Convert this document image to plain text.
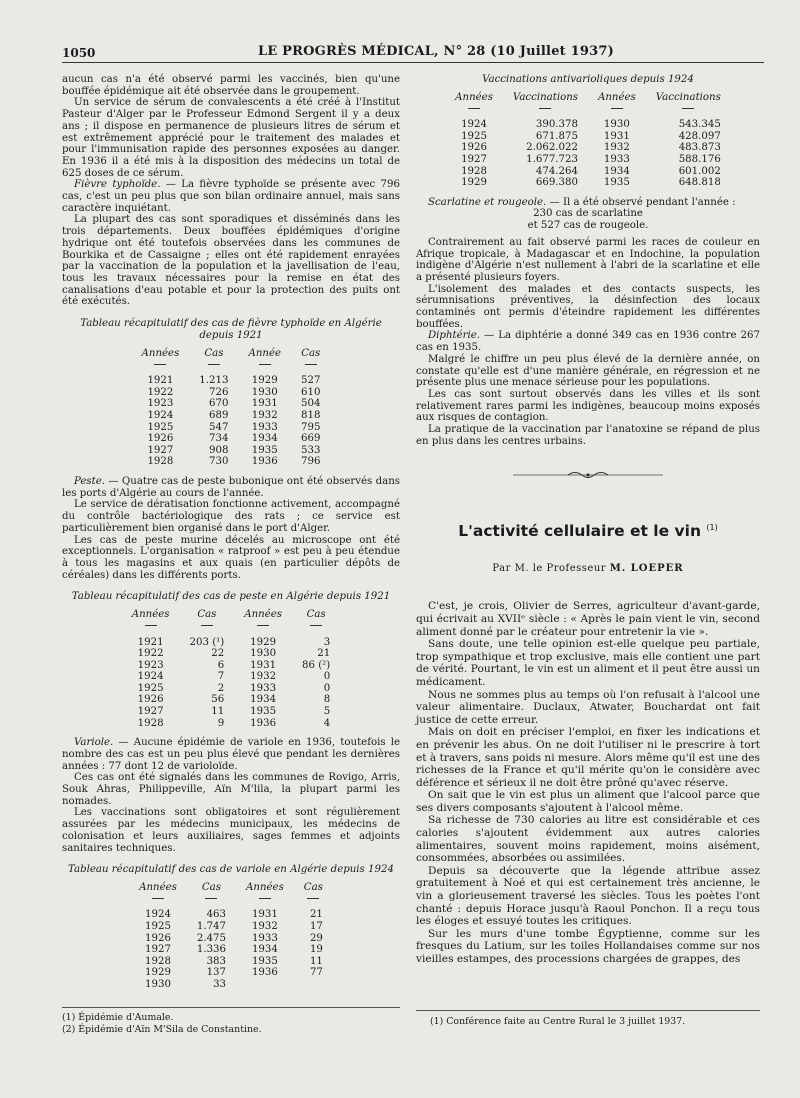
1050	LE PROGRÈS MÉDICAL, N° 28 (10 Juillet 1937)

aucun cas n'a été observé parmi les vaccinés, bien qu'une bouffée épidémique ait été observée dans le groupement.

Un service de sérum de convalescents a été créé à l'Institut Pasteur d'Alger par le Professeur Edmond Sergent il y a deux ans ; il dispose en permanence de plusieurs litres de sérum et est extrêmement apprécié pour le traitement des malades et pour l'immunisation rapide des personnes exposées au danger. En 1936 il a été mis à la disposition des médecins un total de 625 doses de ce sérum.

Fièvre typhoïde. — La fièvre typhoïde se présente avec 796 cas, c'est un peu plus que son bilan ordinaire annuel, mais sans caractère inquiétant.

La plupart des cas sont sporadiques et disséminés dans les trois départements. Deux bouffées épidémiques d'origine hydrique ont été toutefois observées dans les communes de Bourkika et de Cassaigne ; elles ont été rapidement enrayées par la vaccination de la population et la javellisation de l'eau, tous les travaux nécessaires pour la remise en état des canalisations d'eau potable et pour la protection des puits ont été exécutés.

Tableau récapitulatif des cas de fièvre typhoïde en Algérie depuis 1921
Années	Cas	Année	Cas

1921	1.213	1929	527
1922	726	1930	610
1923	670	1931	504
1924	689	1932	818
1925	547	1933	795
1926	734	1934	669
1927	908	1935	533
1928	730	1936	796

Peste. — Quatre cas de peste bubonique ont été observés dans les ports d'Algérie au cours de l'année.

Le service de dératisation fonctionne activement, accompagné du contrôle bactériologique des rats ; ce service est particulièrement bien organisé dans le port d'Alger.

Les cas de peste murine décelés au microscope ont été exceptionnels. L'organisation « ratproof » est peu à peu étendue à tous les magasins et aux quais (en particulier dépôts de céréales) dans les différents ports.

Tableau récapitulatif des cas de peste en Algérie depuis 1921
Années	Cas	Années	Cas

1921	203 (¹)	1929	3
1922	22	1930	21
1923	6	1931	86 (²)
1924	7	1932	0
1925	2	1933	0
1926	56	1934	8
1927	11	1935	5
1928	9	1936	4

Variole. — Aucune épidémie de variole en 1936, toutefois le nombre des cas est un peu plus élevé que pendant les dernières années : 77 dont 12 de varioloïde.

Ces cas ont été signalés dans les communes de Rovigo, Arris, Souk Ahras, Philippeville, Aïn M'lila, la plupart parmi les nomades.

Les vaccinations sont obligatoires et sont régulièrement assurées par les médecins municipaux, les médecins de colonisation et leurs auxiliaires, sages femmes et adjoints sanitaires techniques.

Tableau récapitulatif des cas de variole en Algérie depuis 1924
Années	Cas	Années	Cas

1924	463	1931	21
1925	1.747	1932	17
1926	2.475	1933	29
1927	1.336	1934	19
1928	383	1935	11
1929	137	1936	77
1930	33		
(1) Épidémie d'Aumale.
(2) Épidémie d'Aïn M'Sila de Constantine.
Vaccinations antivarioliques depuis 1924
Années	Vaccinations	Années	Vaccinations

1924	390.378	1930	543.345
1925	671.875	1931	428.097
1926	2.062.022	1932	483.873
1927	1.677.723	1933	588.176
1928	474.264	1934	601.002
1929	669.380	1935	648.818

Scarlatine et rougeole. — Il a été observé pendant l'année :

230 cas de scarlatine

et 527 cas de rougeole.

Contrairement au fait observé parmi les races de couleur en Afrique tropicale, à Madagascar et en Indochine, la population indigène d'Algérie n'est nullement à l'abri de la scarlatine et elle a présenté plusieurs foyers.

L'isolement des malades et des contacts suspects, les sérumnisations préventives, la désinfection des locaux contaminés ont permis d'éteindre rapidement les différentes bouffées.

Diphtérie. — La diphtérie a donné 349 cas en 1936 contre 267 cas en 1935.

Malgré le chiffre un peu plus élevé de la dernière année, on constate qu'elle est d'une manière générale, en régression et ne présente plus une menace sérieuse pour les populations.

Les cas sont surtout observés dans les villes et ils sont relativement rares parmi les indigènes, beaucoup moins exposés aux risques de contagion.

La pratique de la vaccination par l'anatoxine se répand de plus en plus dans les centres urbains.

L'activité cellulaire et le vin $^{(1)}$
Par M. le Professeur M. LOEPER

C'est, je crois, Olivier de Serres, agriculteur d'avant-garde, qui écrivait au XVIIᵉ siècle : « Après le pain vient le vin, second aliment donné par le créateur pour entretenir la vie ».

Sans doute, une telle opinion est-elle quelque peu partiale, trop sympathique et trop exclusive, mais elle contient une part de vérité. Pourtant, le vin est un aliment et il peut être aussi un médicament.

Nous ne sommes plus au temps où l'on refusait à l'alcool une valeur alimentaire. Duclaux, Atwater, Bouchardat ont fait justice de cette erreur.

Mais on doit en préciser l'emploi, en fixer les indications et en prévenir les abus. On ne doit l'utiliser ni le prescrire à tort et à travers, sans poids ni mesure. Alors même qu'il est une des richesses de la France et qu'il mérite qu'on le considère avec déférence et sérieux il ne doit être prôné qu'avec réserve.

On sait que le vin est plus un aliment que l'alcool parce que ses divers composants s'ajoutent à l'alcool même.

Sa richesse de 730 calories au litre est considérable et ces calories s'ajoutent évidemment aux autres calories alimentaires, souvent moins rapidement, moins aisément, consommées, absorbées ou assimilées.

Depuis sa découverte que la légende attribue assez gratuitement à Noé et qui est certainement très ancienne, le vin a glorieusement traversé les siècles. Tous les poètes l'ont chanté : depuis Horace jusqu'à Raoul Ponchon. Il a reçu tous les éloges et essuyé toutes les critiques.

Sur les murs d'une tombe Égyptienne, comme sur les fresques du Latium, sur les toiles Hollandaises comme sur nos vieilles estampes, des processions chargées de grappes, des

(1) Conférence faite au Centre Rural le 3 juillet 1937.
